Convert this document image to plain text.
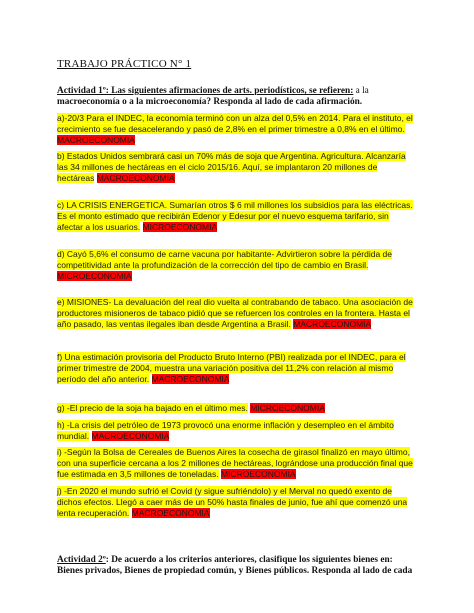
TRABAJO PRÁCTICO N° 1
Actividad 1º: Las siguientes afirmaciones de arts. periodísticos, se refieren: a la
macroeconomía o a la microeconomía? Responda al lado de cada afirmación.
a)-20/3 Para el INDEC, la economía terminó con un alza del 0,5% en 2014. Para el instituto, el crecimiento se fue desacelerando y pasó de 2,8% en el primer trimestre a 0,8% en el último. MACROECONOMIA
b) Estados Unidos sembrará casi un 70% más de soja que Argentina. Agricultura. Alcanzaría las 34 millones de hectáreas en el ciclo 2015/16. Aquí, se implantaron 20 millones de hectáreas MACROECONOMIA
c) LA CRISIS ENERGETICA. Sumarían otros $ 6 mil millones los subsidios para las eléctricas. Es el monto estimado que recibirán Edenor y Edesur por el nuevo esquema tarifario, sin afectar a los usuarios. MICROECONOMIA
d) Cayó 5,6% el consumo de carne vacuna por habitante- Advirtieron sobre la pérdida de competitividad ante la profundización de la corrección del tipo de cambio en Brasil. MICROECONOMIA
e) MISIONES- La devaluación del real dio vuelta al contrabando de tabaco. Una asociación de productores misioneros de tabaco pidió que se refuercen los controles en la frontera. Hasta el año pasado, las ventas ilegales iban desde Argentina a Brasil. MACROECONOMIA
f) Una estimación provisoria del Producto Bruto Interno (PBI) realizada por el INDEC, para el primer trimestre de 2004, muestra una variación positiva del 11,2% con relación al mismo período del año anterior. MACROECONOMIA
g) -El precio de la soja ha bajado en el último mes. MICROECONOMIA
h) -La crisis del petróleo de 1973 provocó una enorme inflación y desempleo en el ámbito mundial. MACROECONOMIA
i) -Según la Bolsa de Cereales de Buenos Aires la cosecha de girasol finalizó en mayo último, con una superficie cercana a los 2 millones de hectáreas, lográndose una producción final que fue estimada en 3,5 millones de toneladas. MICROECONOMIA
j) -En 2020 el mundo sufrió el Covid (y sigue sufriéndolo) y el Merval no quedó exento de dichos efectos. Llegó a caer más de un 50% hasta finales de junio, fue ahí que comenzó una lenta recuperación. MACROECONOMIA
Actividad 2º: De acuerdo a los criterios anteriores, clasifique los siguientes bienes en: Bienes privados, Bienes de propiedad común, y Bienes públicos. Responda al lado de cada
